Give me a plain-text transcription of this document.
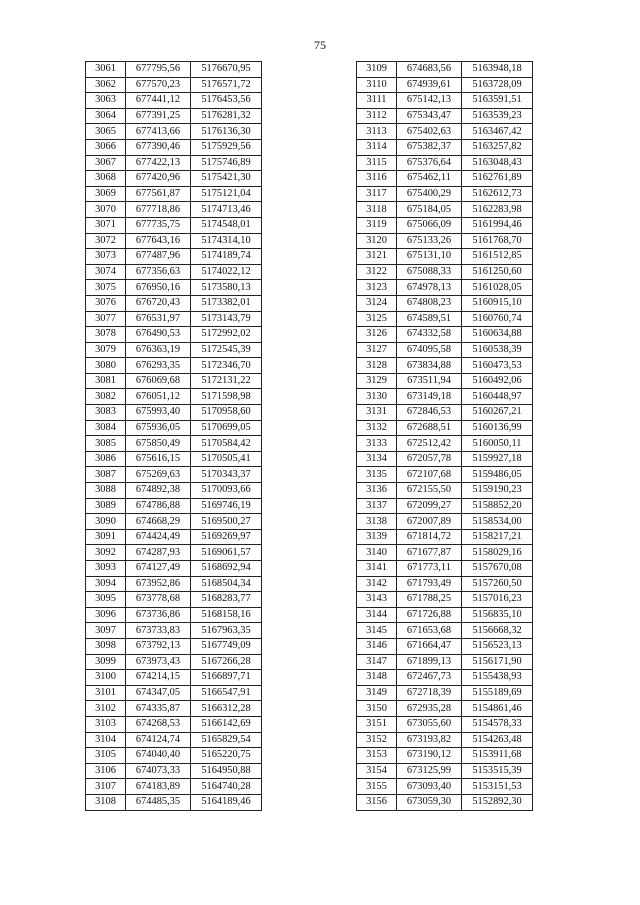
75
3061	677795,56	5176670,95
3062	677570,23	5176571,72
3063	677441,12	5176453,56
3064	677391,25	5176281,32
3065	677413,66	5176136,30
3066	677390,46	5175929,56
3067	677422,13	5175746,89
3068	677420,96	5175421,30
3069	677561,87	5175121,04
3070	677718,86	5174713,46
3071	677735,75	5174548,01
3072	677643,16	5174314,10
3073	677487,96	5174189,74
3074	677356,63	5174022,12
3075	676950,16	5173580,13
3076	676720,43	5173382,01
3077	676531,97	5173143,79
3078	676490,53	5172992,02
3079	676363,19	5172545,39
3080	676293,35	5172346,70
3081	676069,68	5172131,22
3082	676051,12	5171598,98
3083	675993,40	5170958,60
3084	675936,05	5170699,05
3085	675850,49	5170584,42
3086	675616,15	5170505,41
3087	675269,63	5170343,37
3088	674892,38	5170093,66
3089	674786,88	5169746,19
3090	674668,29	5169500,27
3091	674424,49	5169269,97
3092	674287,93	5169061,57
3093	674127,49	5168692,94
3094	673952,86	5168504,34
3095	673778,68	5168283,77
3096	673736,86	5168158,16
3097	673733,83	5167963,35
3098	673792,13	5167749,09
3099	673973,43	5167266,28
3100	674214,15	5166897,71
3101	674347,05	5166547,91
3102	674335,87	5166312,28
3103	674268,53	5166142,69
3104	674124,74	5165829,54
3105	674040,40	5165220,75
3106	674073,33	5164950,88
3107	674183,89	5164740,28
3108	674485,35	5164189,46
3109	674683,56	5163948,18
3110	674939,61	5163728,09
3111	675142,13	5163591,51
3112	675343,47	5163539,23
3113	675402,63	5163467,42
3114	675382,37	5163257,82
3115	675376,64	5163048,43
3116	675462,11	5162761,89
3117	675400,29	5162612,73
3118	675184,05	5162283,98
3119	675066,09	5161994,46
3120	675133,26	5161768,70
3121	675131,10	5161512,85
3122	675088,33	5161250,60
3123	674978,13	5161028,05
3124	674808,23	5160915,10
3125	674589,51	5160760,74
3126	674332,58	5160634,88
3127	674095,58	5160538,39
3128	673834,88	5160473,53
3129	673511,94	5160492,06
3130	673149,18	5160448,97
3131	672846,53	5160267,21
3132	672688,51	5160136,99
3133	672512,42	5160050,11
3134	672057,78	5159927,18
3135	672107,68	5159486,05
3136	672155,50	5159190,23
3137	672099,27	5158852,20
3138	672007,89	5158534,00
3139	671814,72	5158217,21
3140	671677,87	5158029,16
3141	671773,11	5157670,08
3142	671793,49	5157260,50
3143	671788,25	5157016,23
3144	671726,88	5156835,10
3145	671653,68	5156668,32
3146	671664,47	5156523,13
3147	671899,13	5156171,90
3148	672467,73	5155438,93
3149	672718,39	5155189,69
3150	672935,28	5154861,46
3151	673055,60	5154578,33
3152	673193,82	5154263,48
3153	673190,12	5153911,68
3154	673125,99	5153515,39
3155	673093,40	5153151,53
3156	673059,30	5152892,30
